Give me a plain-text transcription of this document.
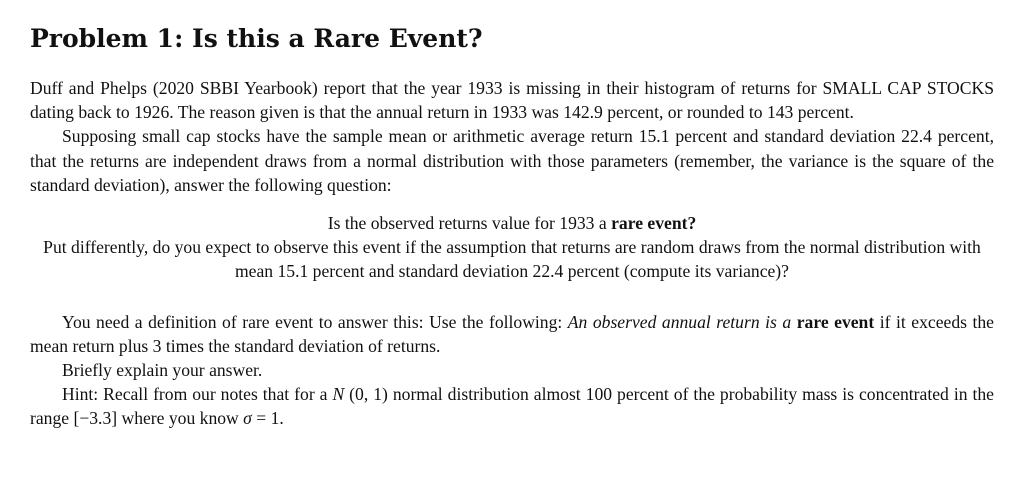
Problem 1: Is this a Rare Event?

Duff and Phelps (2020 SBBI Yearbook) report that the year 1933 is missing in their histogram of returns for SMALL CAP STOCKS dating back to 1926. The reason given is that the annual return in 1933 was 142.9 percent, or rounded to 143 percent.

Supposing small cap stocks have the sample mean or arithmetic average return 15.1 percent and standard deviation 22.4 percent, that the returns are independent draws from a normal distribution with those parameters (remember, the variance is the square of the standard deviation), answer the following question:

Is the observed returns value for 1933 a rare event?

Put differently, do you expect to observe this event if the assumption that returns are random draws from the normal distribution with mean 15.1 percent and standard deviation 22.4 percent (compute its variance)?

You need a definition of rare event to answer this: Use the following: An observed annual return is a rare event if it exceeds the mean return plus 3 times the standard deviation of returns.

Briefly explain your answer.

Hint: Recall from our notes that for a N (0, 1) normal distribution almost 100 percent of the probability mass is concentrated in the range [−3.3] where you know σ = 1.
